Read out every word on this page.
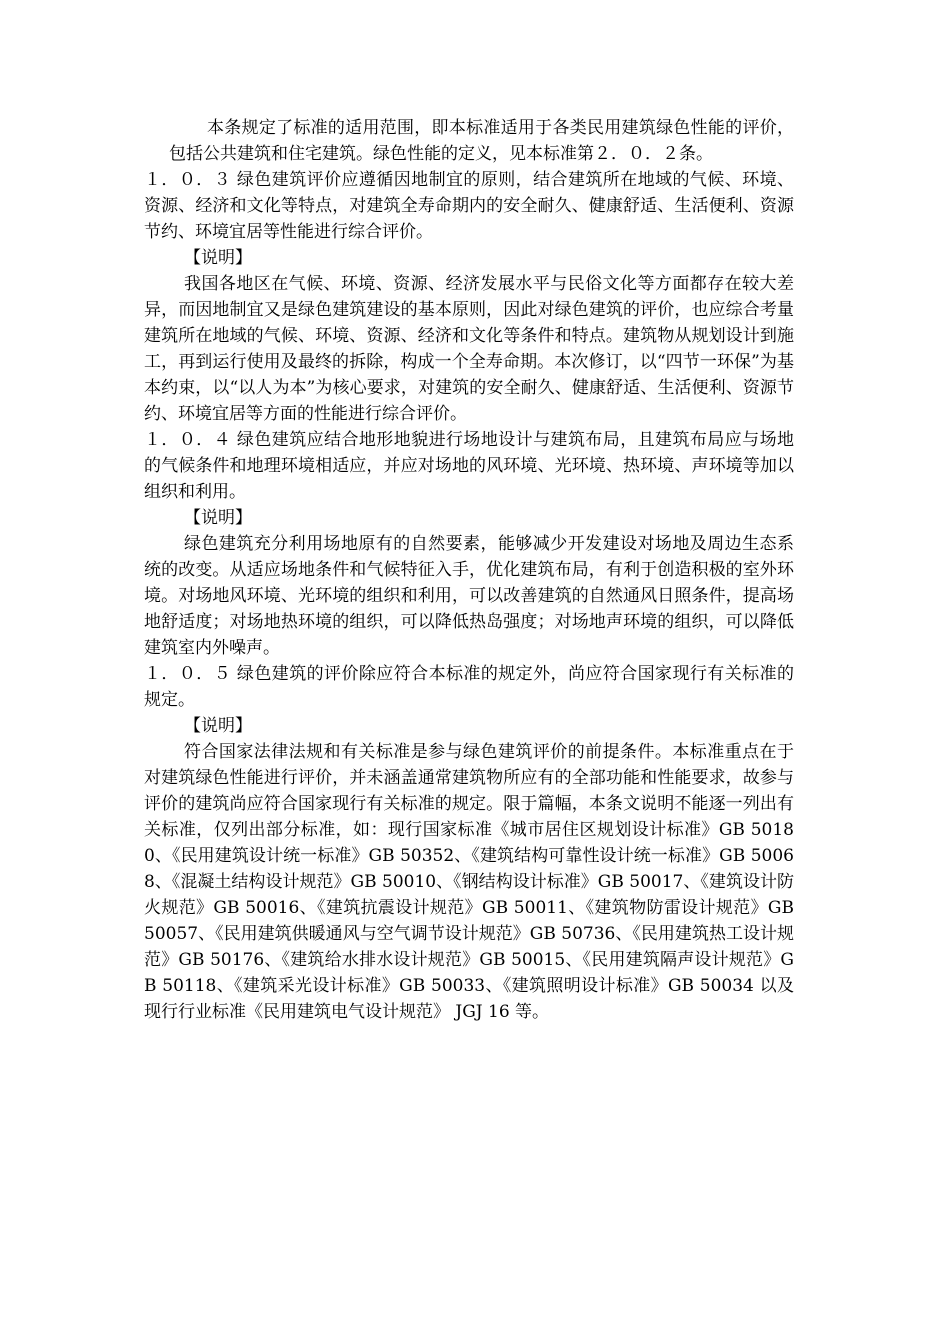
本条规定了标准的适用范围，即本标准适用于各类民用建筑绿色性能的评价，包括公共建筑和住宅建筑。绿色性能的定义，见本标准第２．０．２条。

１．０．３ 绿色建筑评价应遵循因地制宜的原则，结合建筑所在地域的气候、环境、资源、经济和文化等特点，对建筑全寿命期内的安全耐久、健康舒适、生活便利、资源节约、环境宜居等性能进行综合评价。

【说明】

我国各地区在气候、环境、资源、经济发展水平与民俗文化等方面都存在较大差异，而因地制宜又是绿色建筑建设的基本原则，因此对绿色建筑的评价，也应综合考量建筑所在地域的气候、环境、资源、经济和文化等条件和特点。建筑物从规划设计到施工，再到运行使用及最终的拆除，构成一个全寿命期。本次修订，以“四节一环保”为基本约束，以“以人为本”为核心要求，对建筑的安全耐久、健康舒适、生活便利、资源节约、环境宜居等方面的性能进行综合评价。

１．０．４ 绿色建筑应结合地形地貌进行场地设计与建筑布局，且建筑布局应与场地的气候条件和地理环境相适应，并应对场地的风环境、光环境、热环境、声环境等加以组织和利用。

【说明】

绿色建筑充分利用场地原有的自然要素，能够减少开发建设对场地及周边生态系统的改变。从适应场地条件和气候特征入手，优化建筑布局，有利于创造积极的室外环境。对场地风环境、光环境的组织和利用，可以改善建筑的自然通风日照条件，提高场地舒适度；对场地热环境的组织，可以降低热岛强度；对场地声环境的组织，可以降低建筑室内外噪声。

１．０．５ 绿色建筑的评价除应符合本标准的规定外，尚应符合国家现行有关标准的规定。

【说明】

符合国家法律法规和有关标准是参与绿色建筑评价的前提条件。本标准重点在于对建筑绿色性能进行评价，并未涵盖通常建筑物所应有的全部功能和性能要求，故参与评价的建筑尚应符合国家现行有关标准的规定。限于篇幅，本条文说明不能逐一列出有关标准，仅列出部分标准，如：现行国家标准《城市居住区规划设计标准》GB 50180、《民用建筑设计统一标准》GB 50352、《建筑结构可靠性设计统一标准》GB 50068、《混凝土结构设计规范》GB 50010、《钢结构设计标准》GB 50017、《建筑设计防火规范》GB 50016、《建筑抗震设计规范》GB 50011、《建筑物防雷设计规范》GB 50057、《民用建筑供暖通风与空气调节设计规范》GB 50736、《民用建筑热工设计规范》GB 50176、《建筑给水排水设计规范》GB 50015、《民用建筑隔声设计规范》GB 50118、《建筑采光设计标准》GB 50033、《建筑照明设计标准》GB 50034 以及现行行业标准《民用建筑电气设计规范》 JGJ 16 等。
